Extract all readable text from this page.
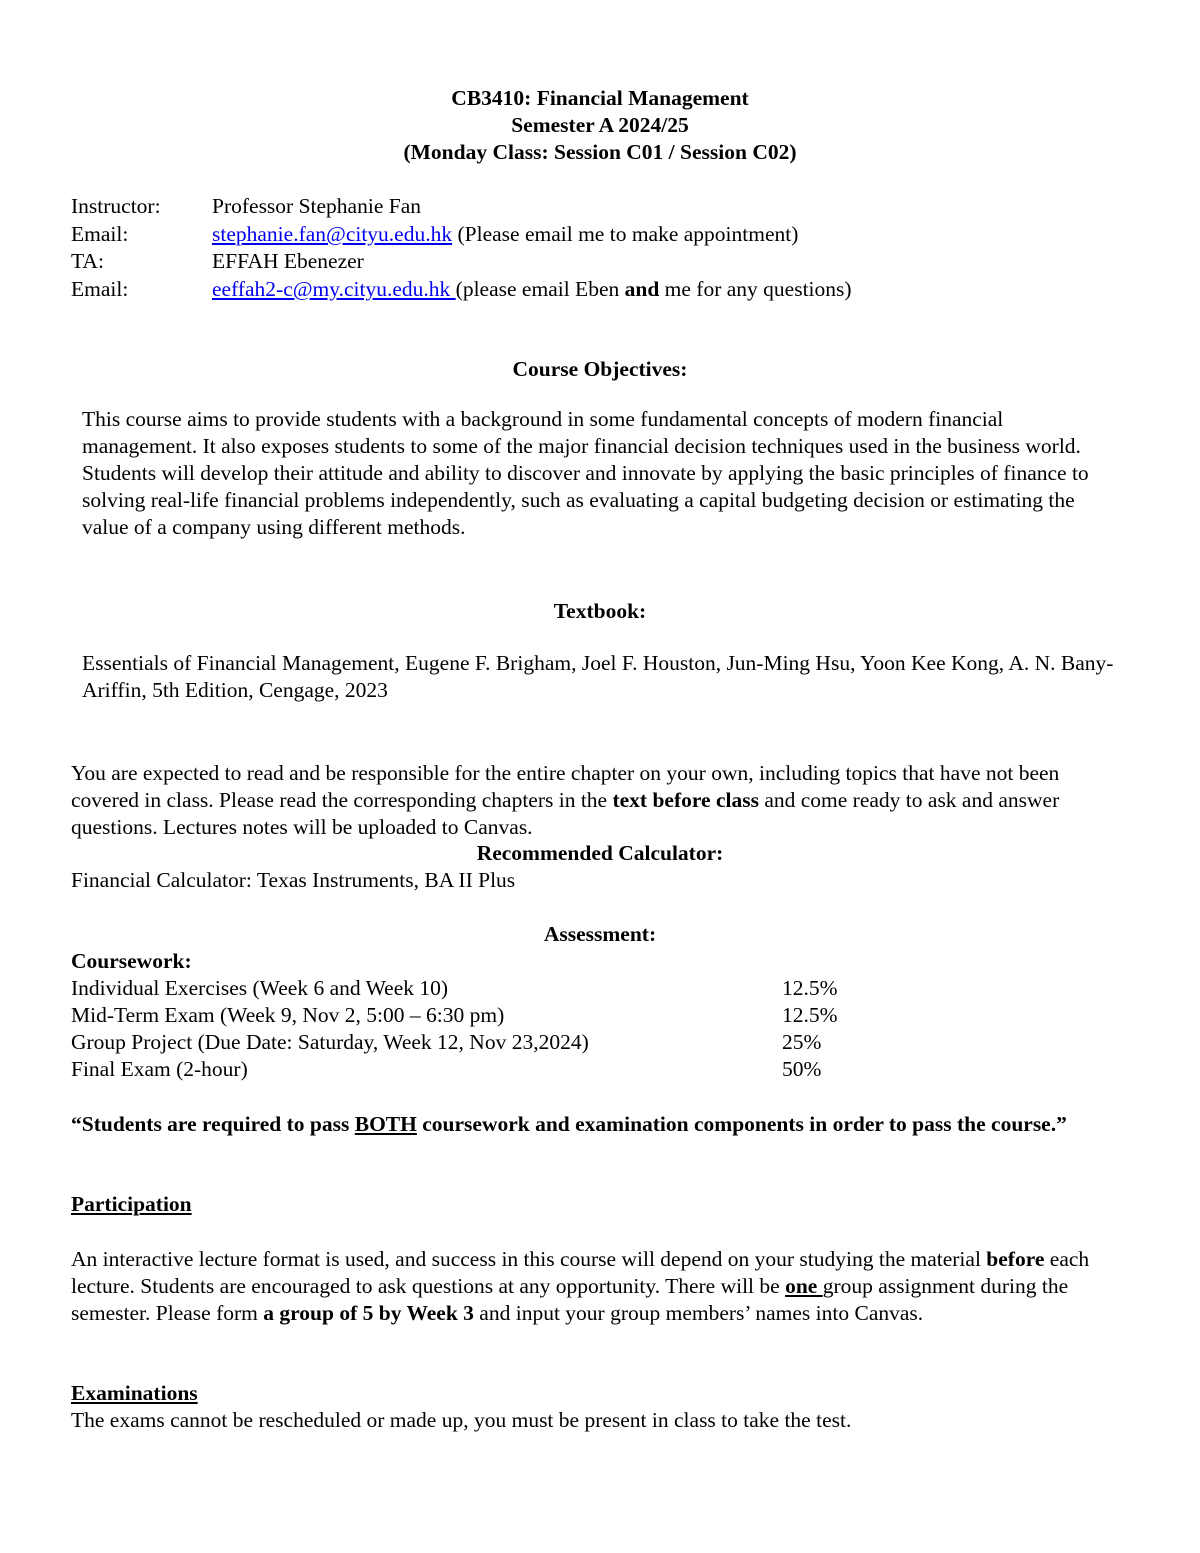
CB3410: Financial Management
Semester A 2024/25
(Monday Class: Session C01 / Session C02)
Instructor: Professor Stephanie Fan
Email:	stephanie.fan@cityu.edu.hk (Please email me to make appointment)
TA:	EFFAH Ebenezer
Email:	eeffah2-c@my.cityu.edu.hk (please email Eben and me for any questions)
Course Objectives:
This course aims to provide students with a background in some fundamental concepts of modern financial management. It also exposes students to some of the major financial decision techniques used in the business world. Students will develop their attitude and ability to discover and innovate by applying the basic principles of finance to solving real-life financial problems independently, such as evaluating a capital budgeting decision or estimating the value of a company using different methods.
Textbook:
Essentials of Financial Management, Eugene F. Brigham, Joel F. Houston, Jun-Ming Hsu, Yoon Kee Kong, A. N. Bany-Ariffin, 5th Edition, Cengage, 2023
You are expected to read and be responsible for the entire chapter on your own, including topics that have not been covered in class. Please read the corresponding chapters in the text before class and come ready to ask and answer questions. Lectures notes will be uploaded to Canvas.
Recommended Calculator:
Financial Calculator: Texas Instruments, BA II Plus
Assessment:
Coursework:
Individual Exercises (Week 6 and Week 10)	12.5%
Mid-Term Exam (Week 9, Nov 2, 5:00 – 6:30 pm)	12.5%
Group Project (Due Date: Saturday, Week 12, Nov 23,2024)	25%
Final Exam (2-hour)	50%
“Students are required to pass BOTH coursework and examination components in order to pass the course.”
Participation
An interactive lecture format is used, and success in this course will depend on your studying the material before each lecture. Students are encouraged to ask questions at any opportunity. There will be one group assignment during the semester. Please form a group of 5 by Week 3 and input your group members’ names into Canvas.
Examinations
The exams cannot be rescheduled or made up, you must be present in class to take the test.
